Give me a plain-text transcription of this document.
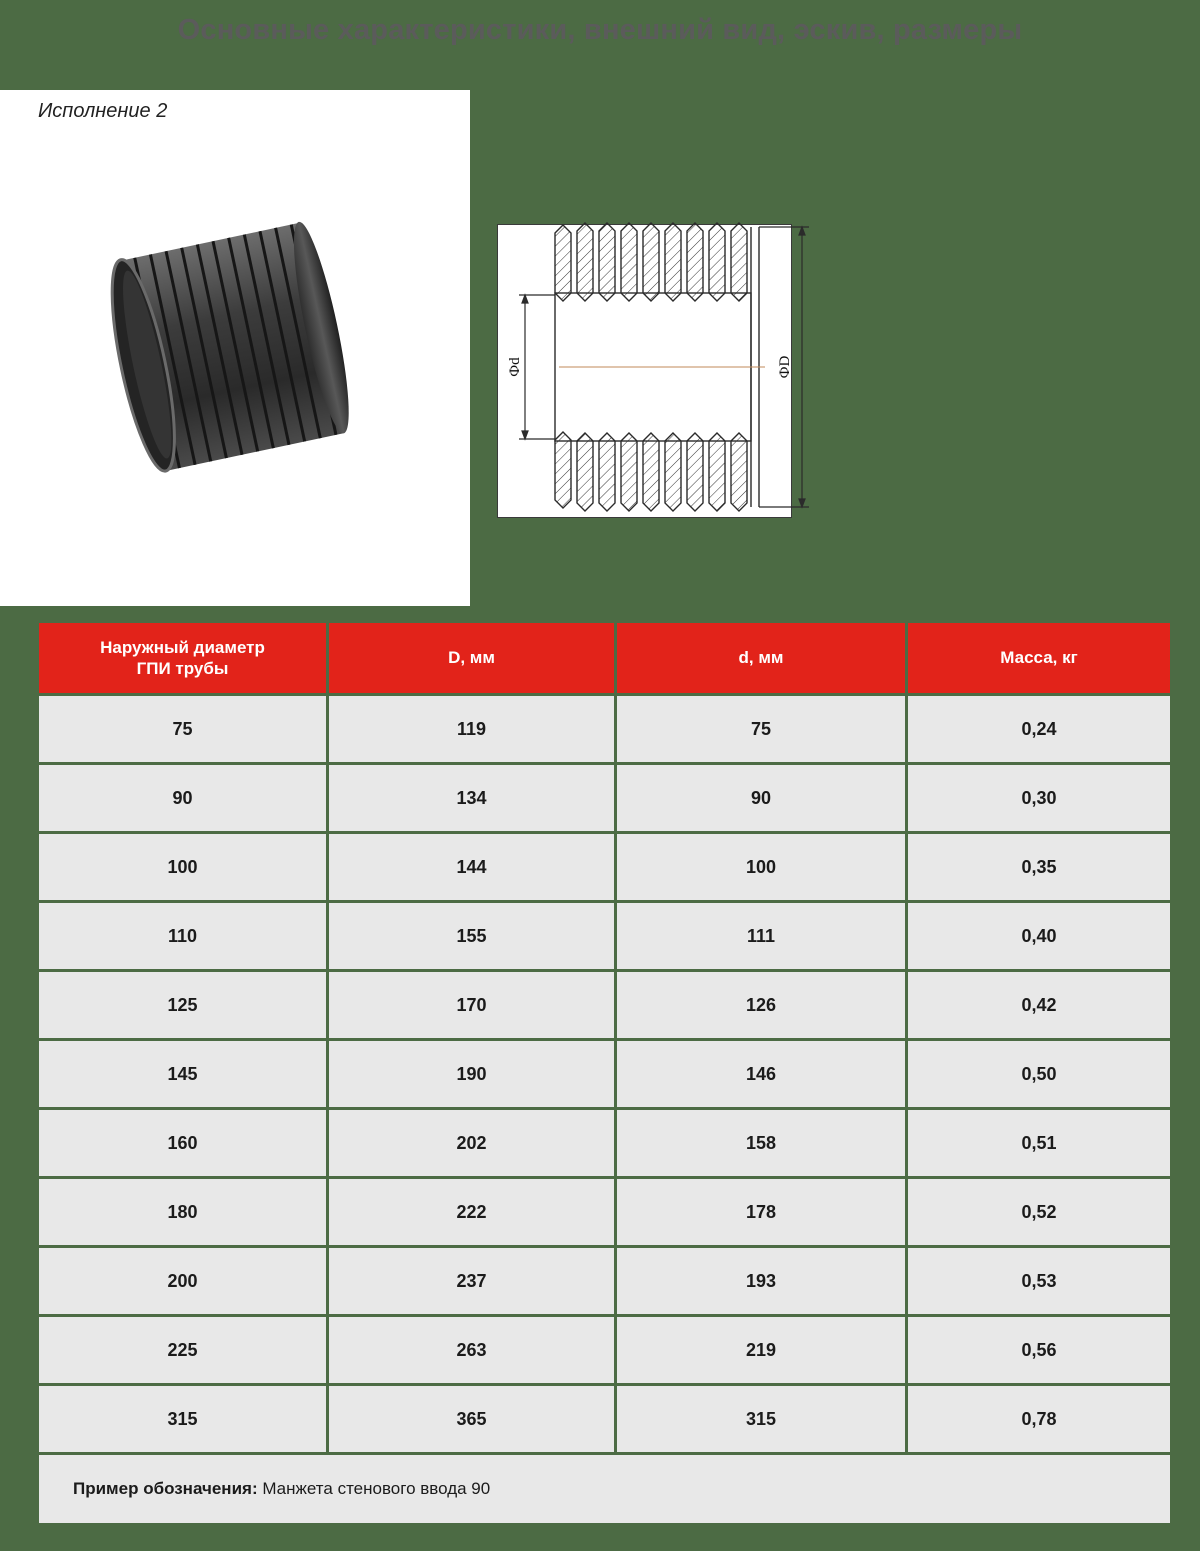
Основные характеристики, внешний вид, эскив, размеры
Исполнение 2
Фd	ФD
Наружный диаметр
ГПИ трубы	D, мм	d, мм	Масса, кг
75	119	75	0,24
90	134	90	0,30
100	144	100	0,35
110	155	111	0,40
125	170	126	0,42
145	190	146	0,50
160	202	158	0,51
180	222	178	0,52
200	237	193	0,53
225	263	219	0,56
315	365	315	0,78
Пример обозначения: Манжета стенового ввода 90			
